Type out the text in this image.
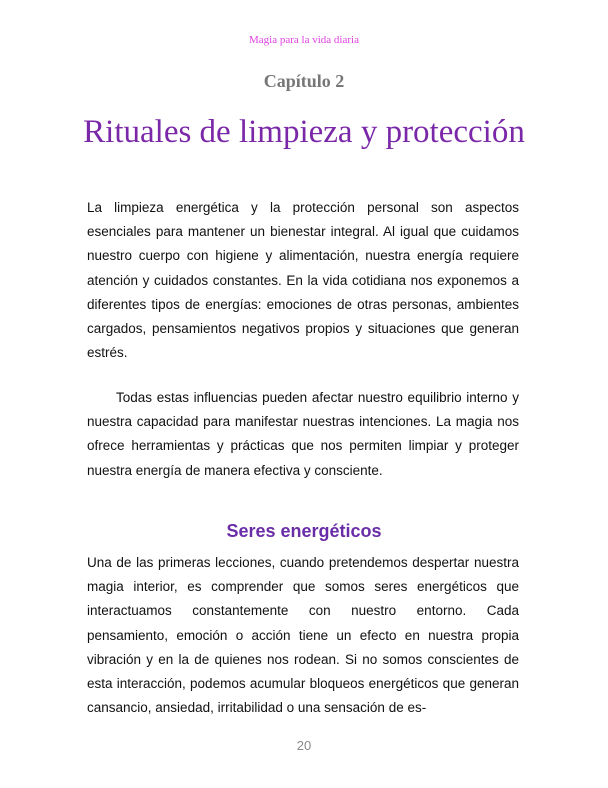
Magia para la vida diaria
Capítulo 2
Rituales de limpieza y protección

La limpieza energética y la protección personal son aspectos esenciales para mantener un bienestar integral. Al igual que cuidamos nuestro cuerpo con higiene y alimentación, nuestra energía requiere atención y cuidados constantes. En la vida cotidiana nos exponemos a diferentes tipos de energías: emociones de otras personas, ambientes cargados, pensamientos negativos propios y situaciones que generan estrés.

Todas estas influencias pueden afectar nuestro equilibrio interno y nuestra capacidad para manifestar nuestras intenciones. La magia nos ofrece herramientas y prácticas que nos permiten limpiar y proteger nuestra energía de manera efectiva y consciente.

Seres energéticos

Una de las primeras lecciones, cuando pretendemos despertar nuestra magia interior, es comprender que somos seres energéticos que interactuamos constantemente con nuestro entorno. Cada pensamiento, emoción o acción tiene un efecto en nuestra propia vibración y en la de quienes nos rodean. Si no somos conscientes de esta interacción, podemos acumular bloqueos energéticos que generan cansancio, ansiedad, irritabilidad o una sensación de es-

20
